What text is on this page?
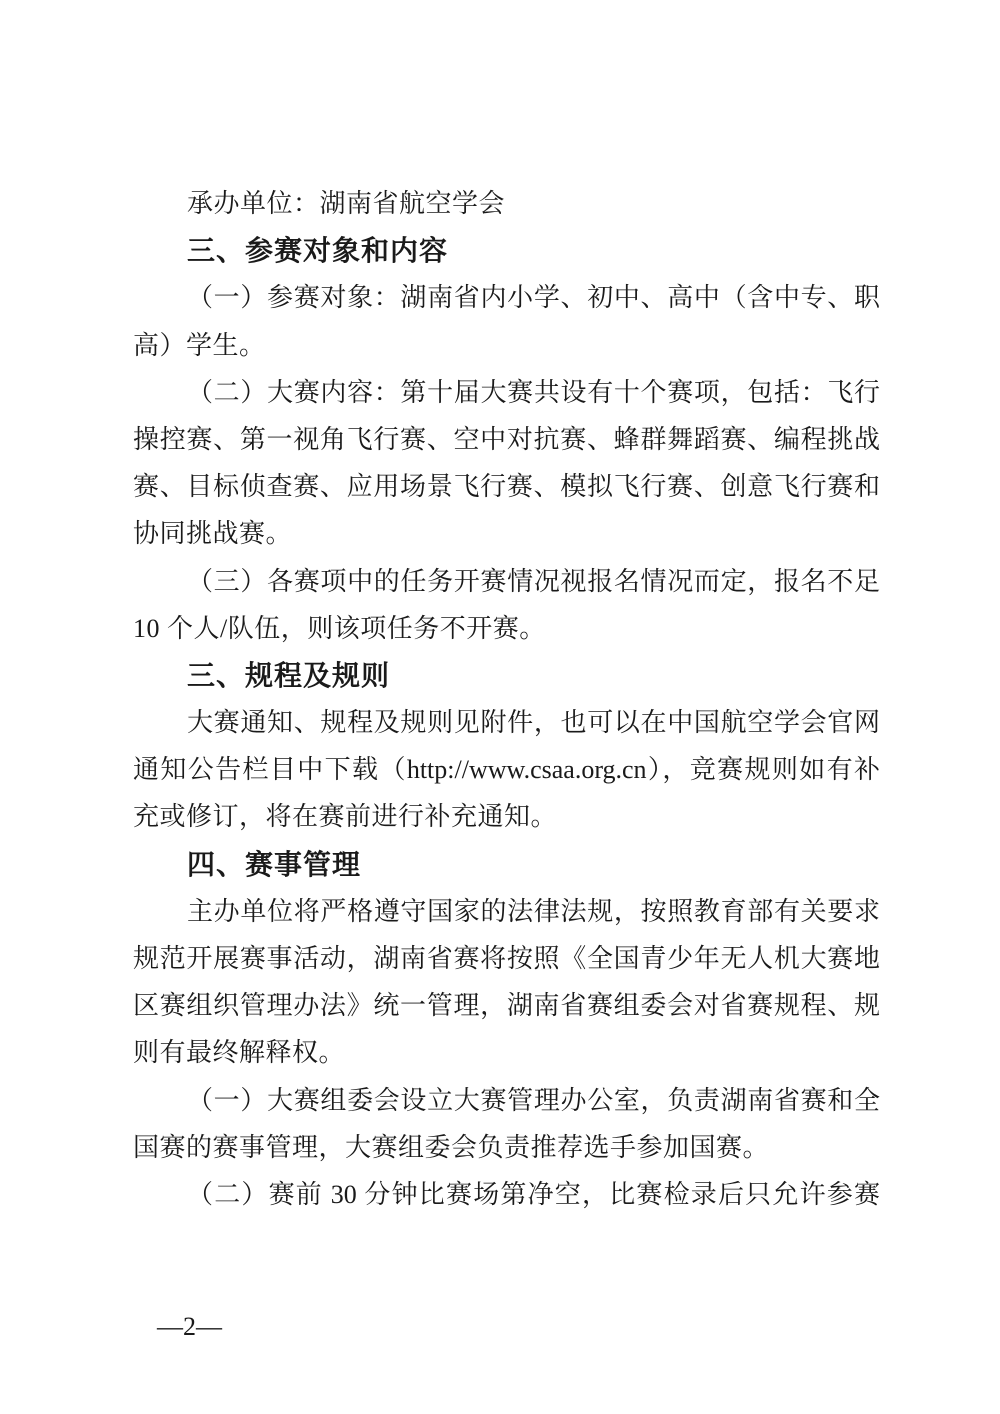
承办单位：湖南省航空学会
三、参赛对象和内容
（一）参赛对象：湖南省内小学、初中、高中（含中专、职
高）学生。
（二）大赛内容：第十届大赛共设有十个赛项，包括：飞行
操控赛、第一视角飞行赛、空中对抗赛、蜂群舞蹈赛、编程挑战
赛、目标侦查赛、应用场景飞行赛、模拟飞行赛、创意飞行赛和
协同挑战赛。
（三）各赛项中的任务开赛情况视报名情况而定，报名不足
10 个人/队伍，则该项任务不开赛。
三、规程及规则
大赛通知、规程及规则见附件，也可以在中国航空学会官网
通知公告栏目中下载（http://www.csaa.org.cn），竞赛规则如有补
充或修订，将在赛前进行补充通知。
四、赛事管理
主办单位将严格遵守国家的法律法规，按照教育部有关要求
规范开展赛事活动，湖南省赛将按照《全国青少年无人机大赛地
区赛组织管理办法》统一管理，湖南省赛组委会对省赛规程、规
则有最终解释权。
（一）大赛组委会设立大赛管理办公室，负责湖南省赛和全
国赛的赛事管理，大赛组委会负责推荐选手参加国赛。
（二）赛前 30 分钟比赛场第净空，比赛检录后只允许参赛
—2—
